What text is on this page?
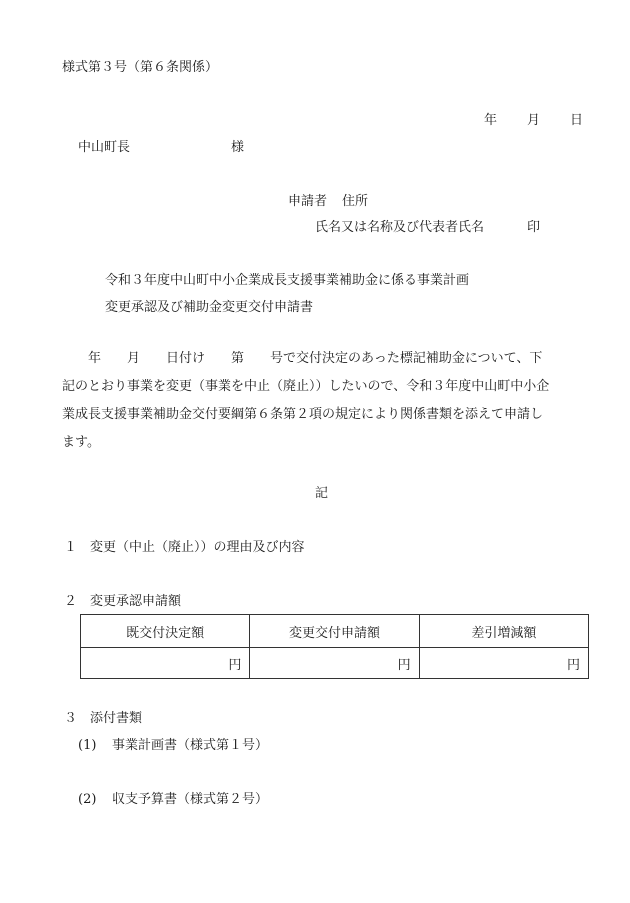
様式第３号（第６条関係）
年 月 日
中山町長	様
申請者 住所
氏名又は名称及び代表者氏名	印
令和３年度中山町中小企業成長支援事業補助金に係る事業計画
変更承認及び補助金変更交付申請書
　　年　　月　　日付け　　第　　号で交付決定のあった標記補助金について、下
記のとおり事業を変更（事業を中止（廃止））したいので、令和３年度中山町中小企
業成長支援事業補助金交付要綱第６条第２項の規定により関係書類を添えて申請し
ます。
記
１ 変更（中止（廃止））の理由及び内容
２ 変更承認申請額
既交付決定額	変更交付申請額	差引増減額
円	円	円
３ 添付書類
(1) 事業計画書（様式第１号）
(2) 収支予算書（様式第２号）
